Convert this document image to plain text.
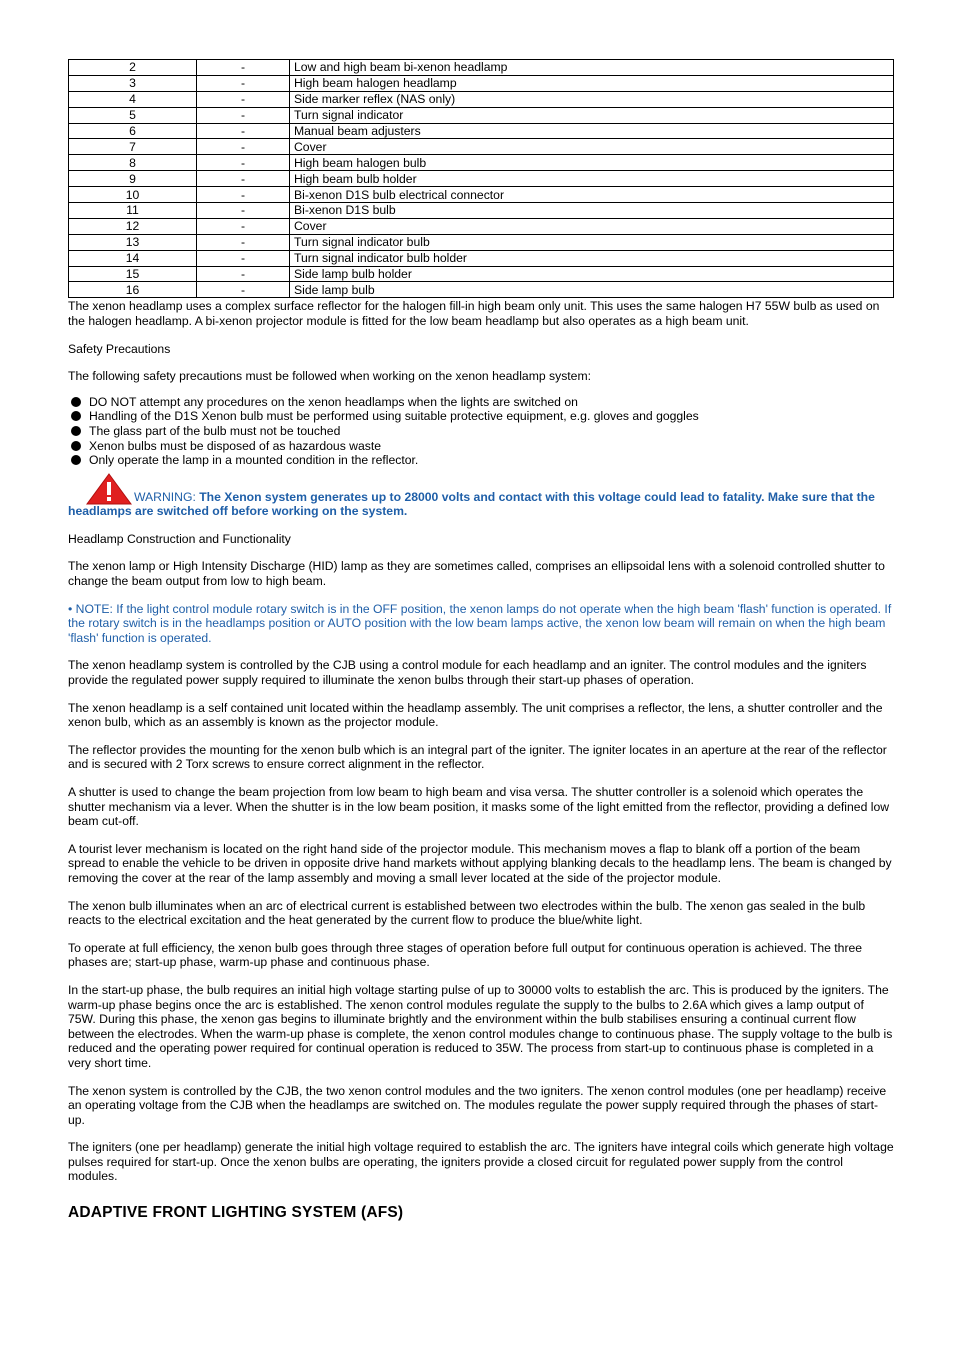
2	-	Low and high beam bi-xenon headlamp
3	-	High beam halogen headlamp
4	-	Side marker reflex (NAS only)
5	-	Turn signal indicator
6	-	Manual beam adjusters
7	-	Cover
8	-	High beam halogen bulb
9	-	High beam bulb holder
10	-	Bi-xenon D1S bulb electrical connector
11	-	Bi-xenon D1S bulb
12	-	Cover
13	-	Turn signal indicator bulb
14	-	Turn signal indicator bulb holder
15	-	Side lamp bulb holder
16	-	Side lamp bulb

The xenon headlamp uses a complex surface reflector for the halogen fill-in high beam only unit. This uses the same halogen H7 55W bulb as used on the halogen headlamp. A bi-xenon projector module is fitted for the low beam headlamp but also operates as a high beam unit.

Safety Precautions

The following safety precautions must be followed when working on the xenon headlamp system:

DO NOT attempt any procedures on the xenon headlamps when the lights are switched on
Handling of the D1S Xenon bulb must be performed using suitable protective equipment, e.g. gloves and goggles
The glass part of the bulb must not be touched
Xenon bulbs must be disposed of as hazardous waste
Only operate the lamp in a mounted condition in the reflector.
WARNING: The Xenon system generates up to 28000 volts and contact with this voltage could lead to fatality. Make sure that the headlamps are switched off before working on the system.

Headlamp Construction and Functionality

The xenon lamp or High Intensity Discharge (HID) lamp as they are sometimes called, comprises an ellipsoidal lens with a solenoid controlled shutter to change the beam output from low to high beam.

• NOTE: If the light control module rotary switch is in the OFF position, the xenon lamps do not operate when the high beam 'flash' function is operated. If the rotary switch is in the headlamps position or AUTO position with the low beam lamps active, the xenon low beam will remain on when the high beam 'flash' function is operated.

The xenon headlamp system is controlled by the CJB using a control module for each headlamp and an igniter. The control modules and the igniters provide the regulated power supply required to illuminate the xenon bulbs through their start-up phases of operation.

The xenon headlamp is a self contained unit located within the headlamp assembly. The unit comprises a reflector, the lens, a shutter controller and the xenon bulb, which as an assembly is known as the projector module.

The reflector provides the mounting for the xenon bulb which is an integral part of the igniter. The igniter locates in an aperture at the rear of the reflector and is secured with 2 Torx screws to ensure correct alignment in the reflector.

A shutter is used to change the beam projection from low beam to high beam and visa versa. The shutter controller is a solenoid which operates the shutter mechanism via a lever. When the shutter is in the low beam position, it masks some of the light emitted from the reflector, providing a defined low beam cut-off.

A tourist lever mechanism is located on the right hand side of the projector module. This mechanism moves a flap to blank off a portion of the beam spread to enable the vehicle to be driven in opposite drive hand markets without applying blanking decals to the headlamp lens. The beam is changed by removing the cover at the rear of the lamp assembly and moving a small lever located at the side of the projector module.

The xenon bulb illuminates when an arc of electrical current is established between two electrodes within the bulb. The xenon gas sealed in the bulb reacts to the electrical excitation and the heat generated by the current flow to produce the blue/white light.

To operate at full efficiency, the xenon bulb goes through three stages of operation before full output for continuous operation is achieved. The three phases are; start-up phase, warm-up phase and continuous phase.

In the start-up phase, the bulb requires an initial high voltage starting pulse of up to 30000 volts to establish the arc. This is produced by the igniters. The warm-up phase begins once the arc is established. The xenon control modules regulate the supply to the bulbs to 2.6A which gives a lamp output of 75W. During this phase, the xenon gas begins to illuminate brightly and the environment within the bulb stabilises ensuring a continual current flow between the electrodes. When the warm-up phase is complete, the xenon control modules change to continuous phase. The supply voltage to the bulb is reduced and the operating power required for continual operation is reduced to 35W. The process from start-up to continuous phase is completed in a very short time.

The xenon system is controlled by the CJB, the two xenon control modules and the two igniters. The xenon control modules (one per headlamp) receive an operating voltage from the CJB when the headlamps are switched on. The modules regulate the power supply required through the phases of start-up.

The igniters (one per headlamp) generate the initial high voltage required to establish the arc. The igniters have integral coils which generate high voltage pulses required for start-up. Once the xenon bulbs are operating, the igniters provide a closed circuit for regulated power supply from the control modules.

ADAPTIVE FRONT LIGHTING SYSTEM (AFS)
